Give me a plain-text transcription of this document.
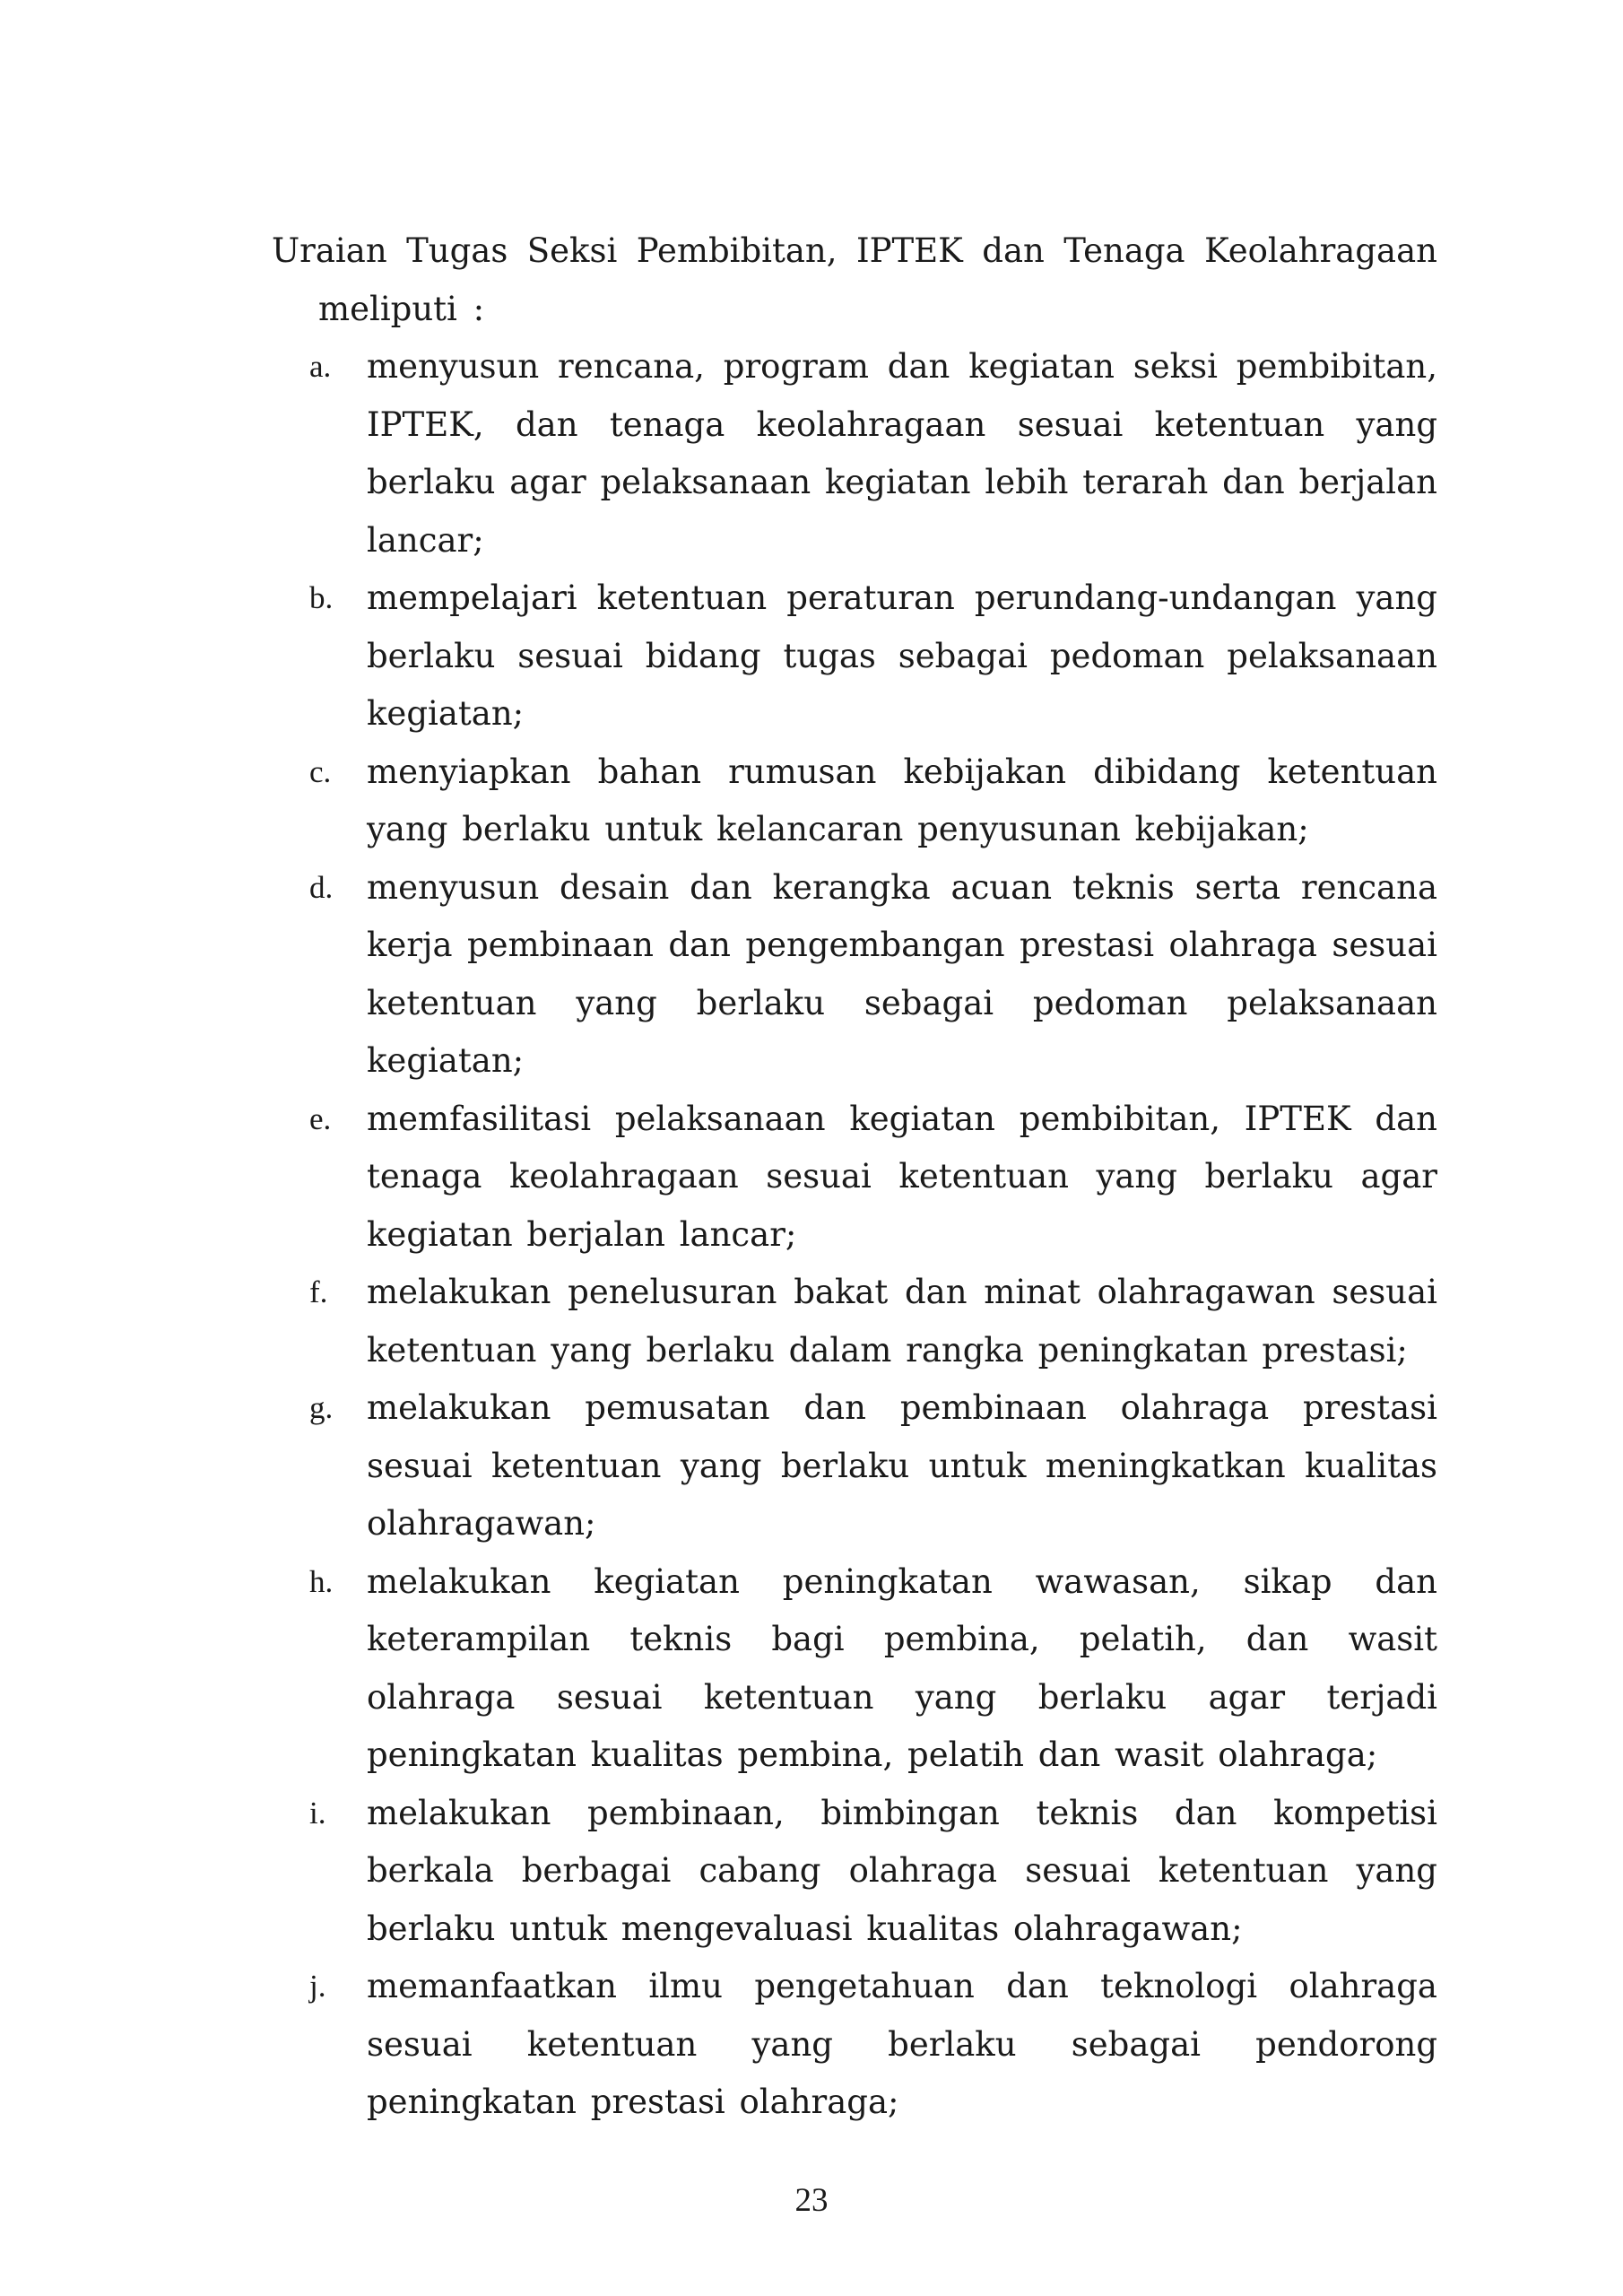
Uraian Tugas Seksi Pembibitan, IPTEK dan Tenaga Keolahragaan meliputi :

a. menyusun rencana, program dan kegiatan seksi pembibitan, IPTEK, dan tenaga keolahragaan sesuai ketentuan yang berlaku agar pelaksanaan kegiatan lebih terarah dan berjalan lancar;
b. mempelajari ketentuan peraturan perundang-undangan yang berlaku sesuai bidang tugas sebagai pedoman pelaksanaan kegiatan;
c. menyiapkan bahan rumusan kebijakan dibidang ketentuan yang berlaku untuk kelancaran penyusunan kebijakan;
d. menyusun desain dan kerangka acuan teknis serta rencana kerja pembinaan dan pengembangan prestasi olahraga sesuai ketentuan yang berlaku sebagai pedoman pelaksanaan kegiatan;
e. memfasilitasi pelaksanaan kegiatan pembibitan, IPTEK dan tenaga keolahragaan sesuai ketentuan yang berlaku agar kegiatan berjalan lancar;
f. melakukan penelusuran bakat dan minat olahragawan sesuai ketentuan yang berlaku dalam rangka peningkatan prestasi;
g. melakukan pemusatan dan pembinaan olahraga prestasi sesuai ketentuan yang berlaku untuk meningkatkan kualitas olahragawan;
h. melakukan kegiatan peningkatan wawasan, sikap dan keterampilan teknis bagi pembina, pelatih, dan wasit olahraga sesuai ketentuan yang berlaku agar terjadi peningkatan kualitas pembina, pelatih dan wasit olahraga;
i. melakukan pembinaan, bimbingan teknis dan kompetisi berkala berbagai cabang olahraga sesuai ketentuan yang berlaku untuk mengevaluasi kualitas olahragawan;
j. memanfaatkan ilmu pengetahuan dan teknologi olahraga sesuai ketentuan yang berlaku sebagai pendorong peningkatan prestasi olahraga;
23
